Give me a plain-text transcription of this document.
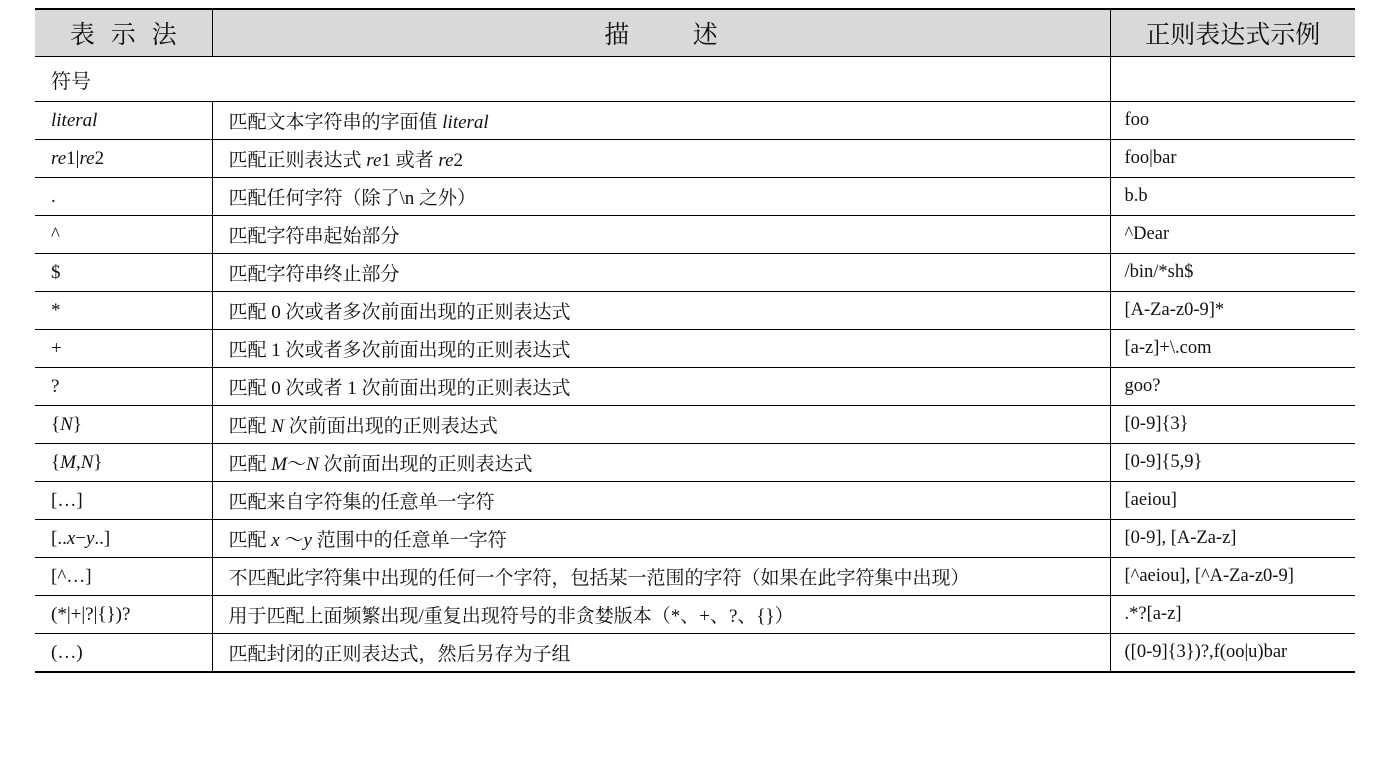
表  示  法	描        述	正则表达式示例
符号		
literal	匹配文本字符串的字面值 literal	foo
re1|re2	匹配正则表达式 re1 或者 re2	foo|bar
.	匹配任何字符（除了\n 之外）	b.b
^	匹配字符串起始部分	^Dear
$	匹配字符串终止部分	/bin/*sh$
*	匹配 0 次或者多次前面出现的正则表达式	[A-Za-z0-9]*
+	匹配 1 次或者多次前面出现的正则表达式	[a-z]+\.com
?	匹配 0 次或者 1 次前面出现的正则表达式	goo?
{N}	匹配 N 次前面出现的正则表达式	[0-9]{3}
{M,N}	匹配 M～N 次前面出现的正则表达式	[0-9]{5,9}
[…]	匹配来自字符集的任意单一字符	[aeiou]
[..x−y..]	匹配 x ～y 范围中的任意单一字符	[0-9], [A-Za-z]
[^…]	不匹配此字符集中出现的任何一个字符，包括某一范围的字符（如果在此字符集中出现）	[^aeiou], [^A-Za-z0-9]
(*|+|?|{})?	用于匹配上面频繁出现/重复出现符号的非贪婪版本（*、+、?、{}）	.*?[a-z]
(…)	匹配封闭的正则表达式，然后另存为子组	([0-9]{3})?,f(oo|u)bar
